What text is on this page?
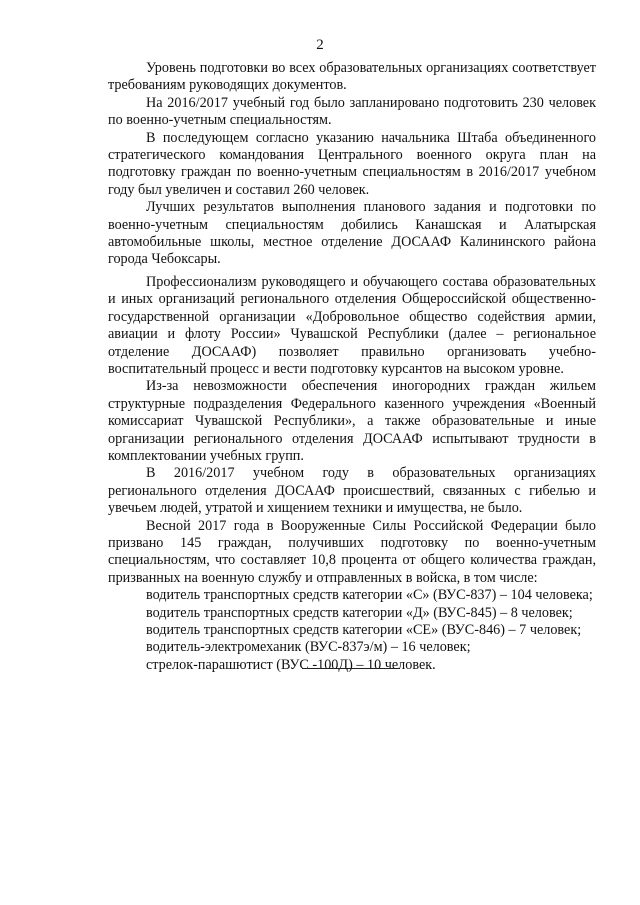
2

Уровень подготовки во всех образовательных организациях соответствует требованиям руководящих документов.

На 2016/2017 учебный год было запланировано подготовить 230 человек по военно-учетным специальностям.

В последующем согласно указанию начальника Штаба объединенного стратегического командования Центрального военного округа план на подготовку граждан по военно-учетным специальностям в 2016/2017 учебном году был увеличен и составил 260 человек.

Лучших результатов выполнения планового задания и подготовки по военно-учетным специальностям добились Канашская и Алатырская автомобильные школы, местное отделение ДОСААФ Калининского района города Чебоксары.

Профессионализм руководящего и обучающего состава образовательных и иных организаций регионального отделения Общероссийской общественно-государственной организации «Добровольное общество содействия армии, авиации и флоту России» Чувашской Республики (далее – региональное отделение ДОСААФ) позволяет правильно организовать учебно-воспитательный процесс и вести подготовку курсантов на высоком уровне.

Из-за невозможности обеспечения иногородних граждан жильем структурные подразделения Федерального казенного учреждения «Военный комиссариат Чувашской Республики», а также образовательные и иные организации регионального отделения ДОСААФ испытывают трудности в комплектовании учебных групп.

В 2016/2017 учебном году в образовательных организациях регионального отделения ДОСААФ происшествий, связанных с гибелью и увечьем людей, утратой и хищением техники и имущества, не было.

Весной 2017 года в Вооруженные Силы Российской Федерации было призвано 145 граждан, получивших подготовку по военно-учетным специальностям, что составляет 10,8 процента от общего количества граждан, призванных на военную службу и отправленных в войска, в том числе:

водитель транспортных средств категории «С» (ВУС-837) – 104 человека;
водитель транспортных средств категории «Д» (ВУС-845) – 8 человек;
водитель транспортных средств категории «СЕ» (ВУС-846) – 7 человек;
водитель-электромеханик (ВУС-837э/м) – 16 человек;
стрелок-парашютист (ВУС -100Д) – 10 человек.
